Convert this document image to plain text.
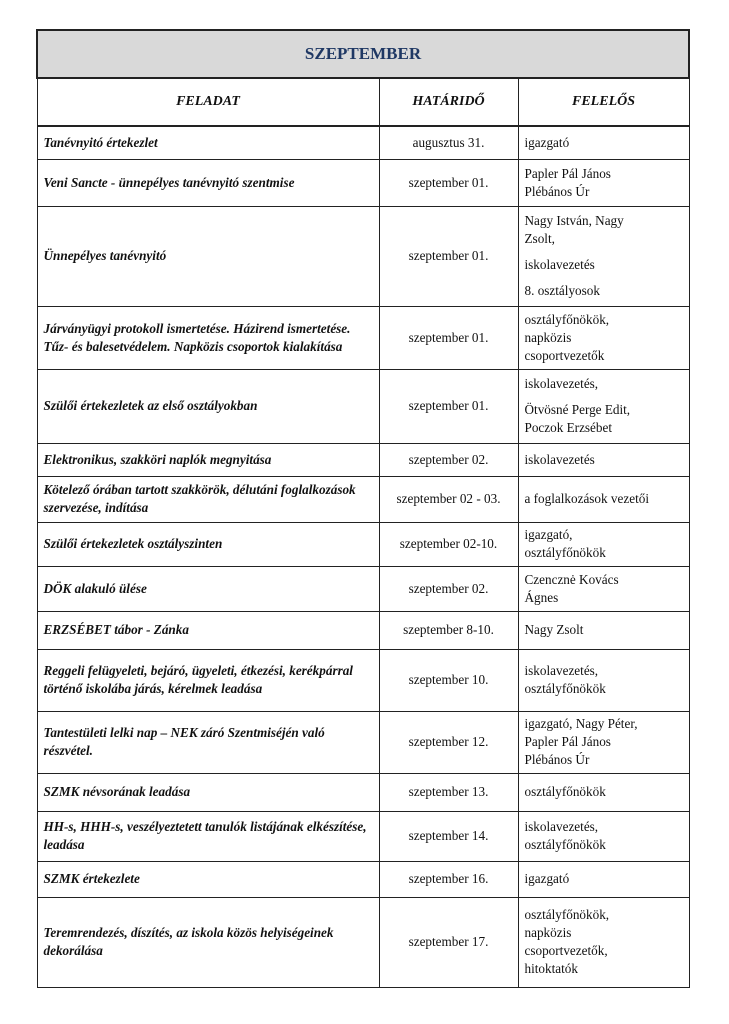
SZEPTEMBER		
FELADAT	HATÁRIDŐ	FELELŐS
Tanévnyitó értekezlet	augusztus 31.	igazgató

Veni Sancte - ünnepélyes tanévnyitó szentmise	szeptember 01.	Papler Pál János
Plébános Úr

Ünnepélyes tanévnyitó	szeptember 01.	Nagy István, Nagy
Zsolt,
iskolavezetés
8. osztályosok

Járványügyi protokoll ismertetése. Házirend ismertetése. Tűz- és balesetvédelem. Napközis csoportok kialakítása	szeptember 01.	osztályfőnökök,
napközis
csoportvezetők

Szülői értekezletek az első osztályokban	szeptember 01.	iskolavezetés,
Ötvösné Perge Edit,
Poczok Erzsébet

Elektronikus, szakköri naplók megnyitása	szeptember 02.	iskolavezetés

Kötelező órában tartott szakkörök, délutáni foglalkozások szervezése, indítása	szeptember 02 - 03.	a foglalkozások vezetői

Szülői értekezletek osztályszinten	szeptember 02-10.	igazgató,
osztályfőnökök

DÖK alakuló ülése	szeptember 02.	Czencznė Kovács
Ágnes

ERZSÉBET tábor - Zánka	szeptember 8-10.	Nagy Zsolt

Reggeli felügyeleti, bejáró, ügyeleti, étkezési, kerékpárral történő iskolába járás, kérelmek leadása	szeptember 10.	iskolavezetés,
osztályfőnökök

Tantestületi lelki nap – NEK záró Szentmiséjén való részvétel.	szeptember 12.	igazgató, Nagy Péter,
Papler Pál János
Plébános Úr

SZMK névsorának leadása	szeptember 13.	osztályfőnökök

HH-s, HHH-s, veszélyeztetett tanulók listájának elkészítése, leadása	szeptember 14.	iskolavezetés,
osztályfőnökök

SZMK értekezlete	szeptember 16.	igazgató

Teremrendezés, díszítés, az iskola közös helyiségeinek dekorálása	szeptember 17.	osztályfőnökök,
napközis
csoportvezetők,
hitoktatók
